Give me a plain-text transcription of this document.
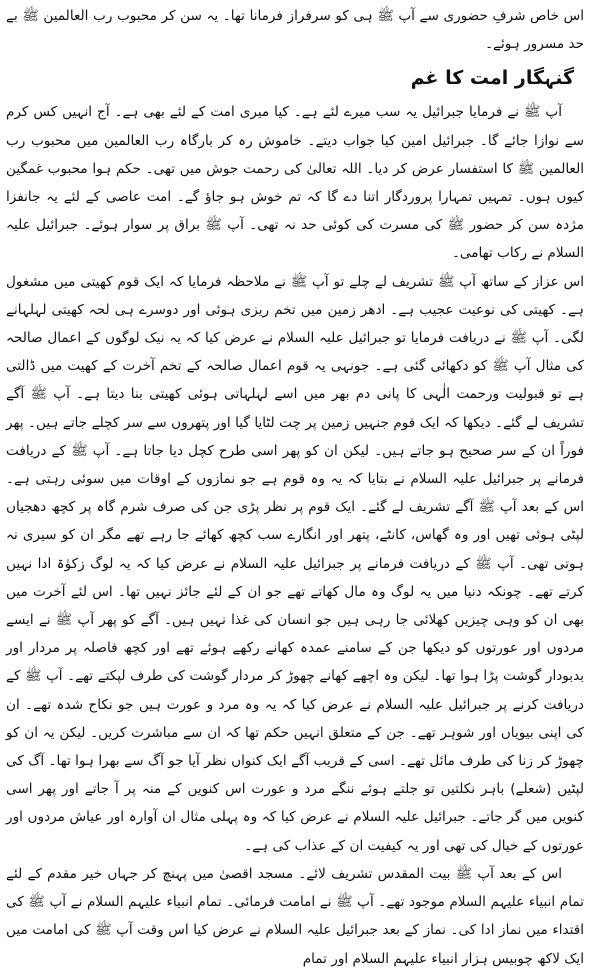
اس خاص شرفِ حضوری سے آپ ﷺ ہی کو سرفراز فرمانا تھا۔ یہ سن کر محبوب رب العالمین ﷺ بے حد مسرور ہوئے۔

گنہگار امت کا غم

آپ ﷺ نے فرمایا جبرائیل یہ سب میرے لئے ہے۔ کیا میری امت کے لئے بھی ہے۔ آج انہیں کس کرم سے نوازا جائے گا۔ جبرائیل امین کیا جواب دیتے۔ خاموش رہ کر بارگاہ رب العالمین میں محبوب رب العالمین ﷺ کا استفسار عرض کر دیا۔ اللہ تعالیٰ کی رحمت جوش میں تھی۔ حکم ہوا محبوب غمگین کیوں ہوں۔ تمہیں تمہارا پروردگار اتنا دے گا کہ تم خوش ہو جاؤ گے۔ امت عاصی کے لئے یہ جانفزا مژدہ سن کر حضور ﷺ کی مسرت کی کوئی حد نہ تھی۔ آپ ﷺ براق پر سوار ہوئے۔ جبرائیل علیہ السلام نے رکاب تھامی۔

اس عزاز کے ساتھ آپ ﷺ تشریف لے چلے تو آپ ﷺ نے ملاحظہ فرمایا کہ ایک قوم کھیتی میں مشغول ہے۔ کھیتی کی نوعیت عجیب ہے۔ ادھر زمین میں تخم ریزی ہوئی اور دوسرے ہی لحہ کھیتی لہلہانے لگی۔ آپ ﷺ نے دریافت فرمایا تو جبرائیل علیہ السلام نے عرض کیا کہ یہ نیک لوگوں کے اعمال صالحہ کی مثال آپ ﷺ کو دکھائی گئی ہے۔ جونہی یہ قوم اعمال صالحہ کے تخم آخرت کے کھیت میں ڈالتی ہے تو قبولیت ورحمت الٰہی کا پانی دم بھر میں اسے لہلہاتی ہوئی کھیتی بنا دیتا ہے۔ آپ ﷺ آگے تشریف لے گئے۔ دیکھا کہ ایک قوم جنہیں زمین پر چت لٹایا گیا اور پتھروں سے سر کچلے جاتے ہیں۔ پھر فوراً ان کے سر صحیح ہو جاتے ہیں۔ لیکن ان کو پھر اسی طرح کچل دیا جاتا ہے۔ آپ ﷺ کے دریافت فرمانے پر جبرائیل علیہ السلام نے بتایا کہ یہ وہ قوم ہے جو نمازوں کے اوقات میں سوئی رہتی ہے۔ اس کے بعد آپ ﷺ آگے تشریف لے گئے۔ ایک قوم پر نظر پڑی جن کی صرف شرم گاہ پر کچھ دھجیاں لپٹی ہوئی تھیں اور وہ گھاس، کانٹے، پتھر اور انگارے سب کچھ کھائے جا رہے تھے مگر ان کو سیری نہ ہوتی تھی۔ آپ ﷺ کے دریافت فرمانے پر جبرائیل علیہ السلام نے عرض کیا کہ یہ لوگ زکوٰۃ ادا نہیں کرتے تھے۔ چونکہ دنیا میں یہ لوگ وہ مال کھاتے تھے جو ان کے لئے جائز نہیں تھا۔ اس لئے آخرت میں بھی ان کو وہی چیزیں کھلائی جا رہی ہیں جو انسان کی غذا نہیں ہیں۔ آگے کو پھر آپ ﷺ نے ایسے مردوں اور عورتوں کو دیکھا جن کے سامنے عمدہ کھانے رکھے ہوئے تھے اور کچھ فاصلہ پر مردار اور بدبودار گوشت پڑا ہوا تھا۔ لیکن وہ اچھے کھانے چھوڑ کر مردار گوشت کی طرف لپکتے تھے۔ آپ ﷺ کے دریافت کرنے پر جبرائیل علیہ السلام نے عرض کیا کہ یہ وہ مرد و عورت ہیں جو نکاح شدہ تھے۔ ان کی اپنی بیویاں اور شوہر تھے۔ جن کے متعلق انہیں حکم تھا کہ ان سے مباشرت کریں۔ لیکن یہ ان کو چھوڑ کر زنا کی طرف مائل تھے۔ اسی کے قریب آگے ایک کنواں نظر آیا جو آگ سے بھرا ہوا تھا۔ آگ کی لپٹیں (شعلے) باہر نکلتیں تو جلتے ہوئے ننگے مرد و عورت اس کنویں کے منہ پر آ جاتے اور پھر اسی کنویں میں گر جاتے۔ جبرائیل علیہ السلام نے عرض کیا کہ وہ پہلی مثال ان آوارہ اور عیاش مردوں اور عورتوں کے خیال کی تھی اور یہ کیفیت ان کے عذاب کی ہے۔

اس کے بعد آپ ﷺ بیت المقدس تشریف لائے۔ مسجد اقصیٰ میں پہنچ کر جہاں خیر مقدم کے لئے تمام انبیاء علیہم السلام موجود تھے۔ آپ ﷺ نے امامت فرمائی۔ تمام انبیاء علیہم السلام نے آپ ﷺ کی اقتداء میں نماز ادا کی۔ نماز کے بعد جبرائیل علیہ السلام نے عرض کیا اس وقت آپ ﷺ کی امامت میں ایک لاکھ چوبیس ہزار انبیاء علیہم السلام اور تمام
